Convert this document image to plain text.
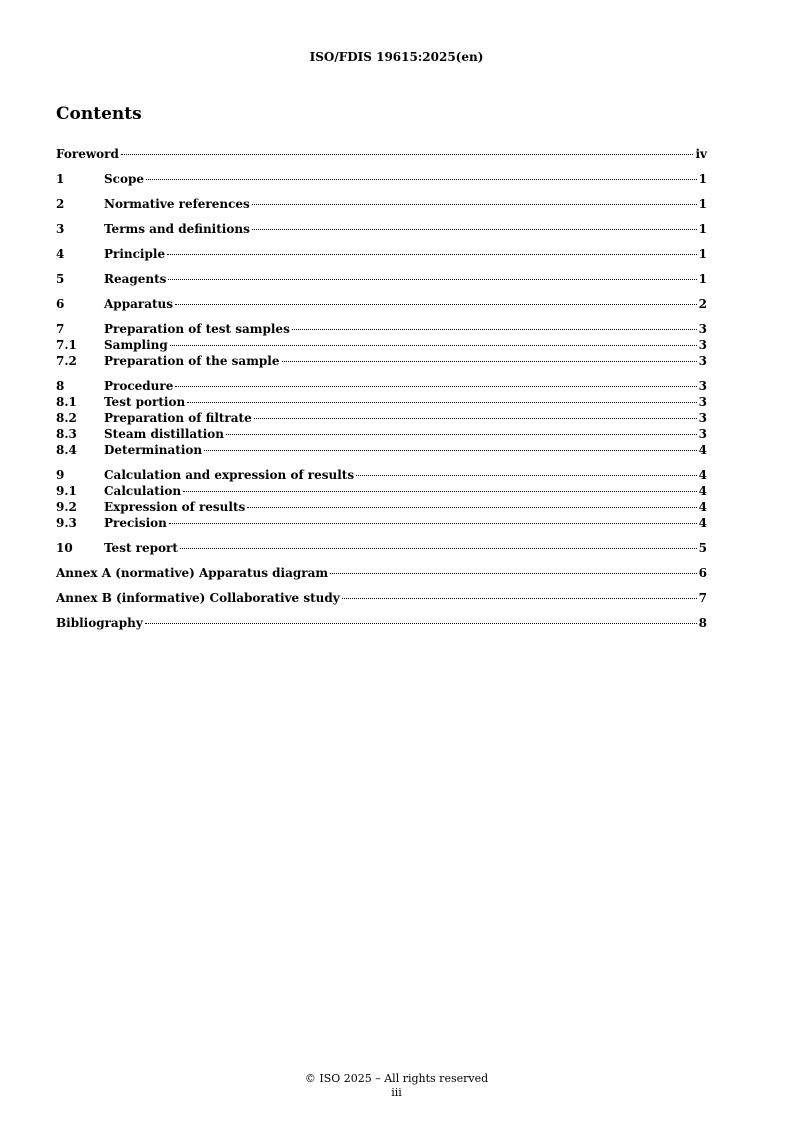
ISO/FDIS 19615:2025(en)
Contents
Foreword	iv
1	Scope	1
2	Normative references	1
3	Terms and definitions	1
4	Principle	1
5	Reagents	1
6	Apparatus	2
7	Preparation of test samples	3
7.1	Sampling	3
7.2	Preparation of the sample	3
8	Procedure	3
8.1	Test portion	3
8.2	Preparation of filtrate	3
8.3	Steam distillation	3
8.4	Determination	4
9	Calculation and expression of results	4
9.1	Calculation	4
9.2	Expression of results	4
9.3	Precision	4
10	Test report	5
Annex A (normative) Apparatus diagram	6
Annex B (informative) Collaborative study	7
Bibliography	8
© ISO 2025 – All rights reserved
iii
